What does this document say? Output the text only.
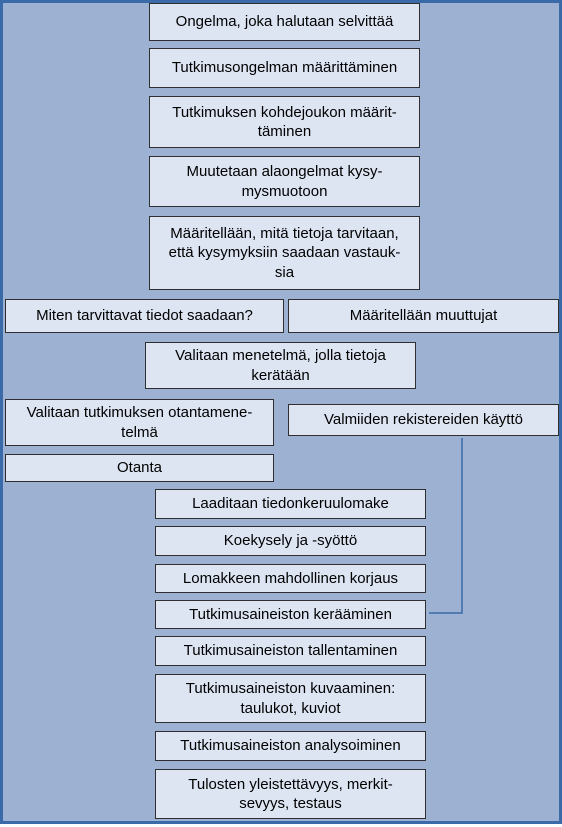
Ongelma, joka halutaan selvittää
Tutkimusongelman määrittäminen
Tutkimuksen kohdejoukon määrit-
täminen
Muutetaan alaongelmat kysy-
mysmuotoon
Määritellään, mitä tietoja tarvitaan,
että kysymyksiin saadaan vastauk-
sia
Miten tarvittavat tiedot saadaan?	Määritellään muuttujat
Valitaan menetelmä, jolla tietoja
kerätään
Valitaan tutkimuksen otantamene-
telmä
Valmiiden rekistereiden käyttö
Otanta
Laaditaan tiedonkeruulomake
Koekysely ja -syöttö
Lomakkeen mahdollinen korjaus
Tutkimusaineiston kerääminen
Tutkimusaineiston tallentaminen
Tutkimusaineiston kuvaaminen:
taulukot, kuviot
Tutkimusaineiston analysoiminen
Tulosten yleistettävyys, merkit-
sevyys, testaus
